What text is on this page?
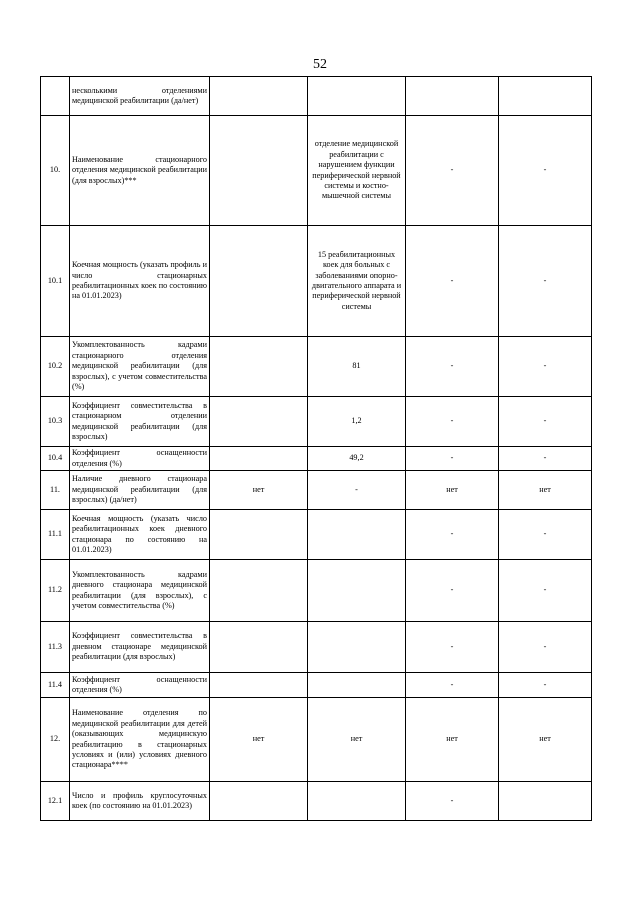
52

	несколькими отделениями медицинской реабилитации (да/нет)				

10.	Наименование стационарного отделения медицинской реабилитации (для взрослых)***		отделение медицинской реабилитации с нарушением функции периферической нервной системы и костно-мышечной системы	-	-
10.1	Коечная мощность (указать профиль и число стационарных реабилитационных коек по состоянию на 01.01.2023)		15 реабилитационных коек для больных с заболеваниями опорно-двигательного аппарата и периферической нервной системы	-	-
10.2	Укомплектованность кадрами стационарного отделения медицинской реабилитации (для взрослых), с учетом совместительства (%)		81	-	-
10.3	Коэффициент совместительства в стационарном отделении медицинской реабилитации (для взрослых)		1,2	-	-
10.4	Коэффициент оснащенности отделения (%)		49,2	-	-
11.	Наличие дневного стационара медицинской реабилитации (для взрослых) (да/нет)	нет	-	нет	нет
11.1	Коечная мощность (указать число реабилитационных коек дневного стационара по состоянию на 01.01.2023)			-	-
11.2	Укомплектованность кадрами дневного стационара медицинской реабилитации (для взрослых), с учетом совместительства (%)			-	-
11.3	Коэффициент совместительства в дневном стационаре медицинской реабилитации (для взрослых)			-	-
11.4	Коэффициент оснащенности отделения (%)			-	-
12.	Наименование отделения по медицинской реабилитации для детей (оказывающих медицинскую реабилитацию в стационарных условиях и (или) условиях дневного стационара****	нет	нет	нет	нет
12.1	Число и профиль круглосуточных коек (по состоянию на 01.01.2023)			-	
